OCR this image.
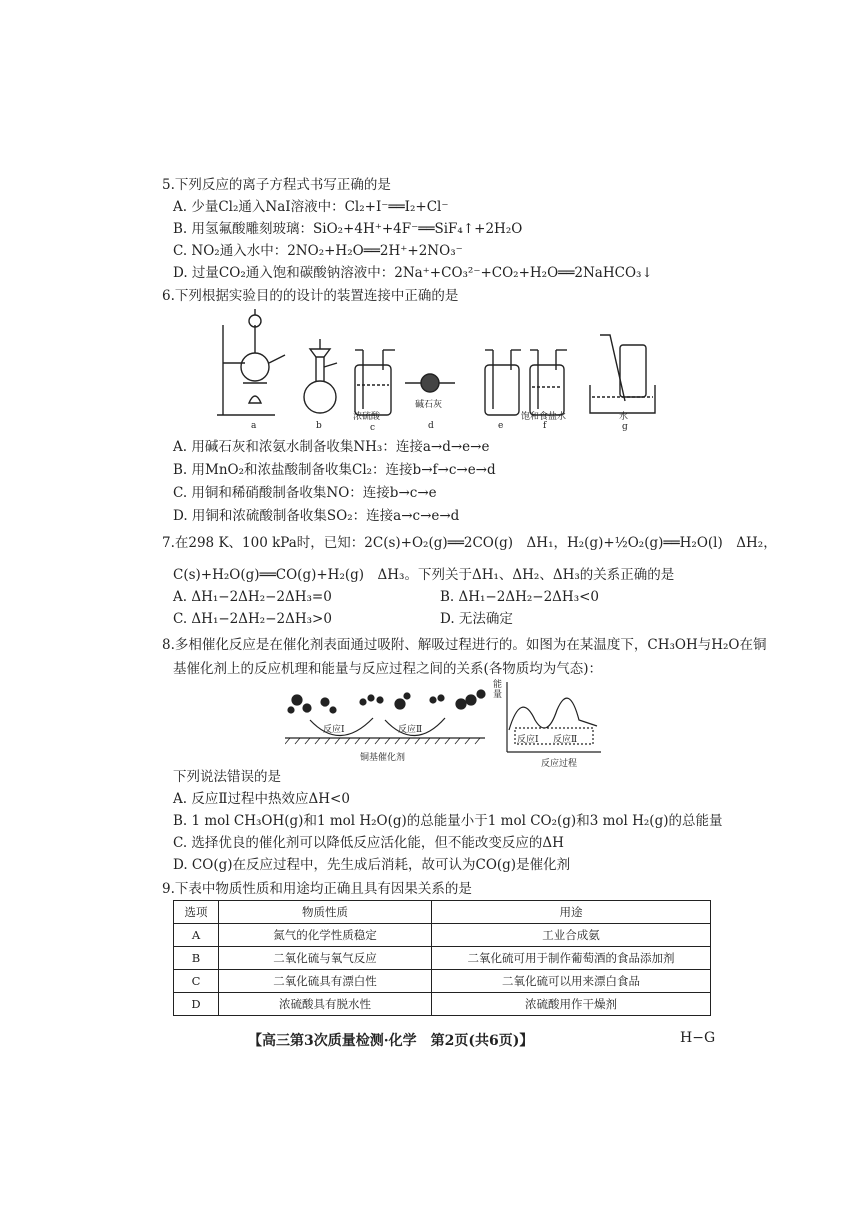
5.下列反应的离子方程式书写正确的是
A. 少量Cl₂通入NaI溶液中：Cl₂+I⁻══I₂+Cl⁻
B. 用氢氟酸雕刻玻璃：SiO₂+4H⁺+4F⁻══SiF₄↑+2H₂O
C. NO₂通入水中：2NO₂+H₂O══2H⁺+2NO₃⁻
D. 过量CO₂通入饱和碳酸钠溶液中：2Na⁺+CO₃²⁻+CO₂+H₂O══2NaHCO₃↓
6.下列根据实验目的的设计的装置连接中正确的是
a	b
浓硫酸
c
碱石灰
d	e
饱和食盐水
f
水
g
A. 用碱石灰和浓氨水制备收集NH₃：连接a→d→e→e
B. 用MnO₂和浓盐酸制备收集Cl₂：连接b→f→c→e→d
C. 用铜和稀硝酸制备收集NO：连接b→c→e
D. 用铜和浓硫酸制备收集SO₂：连接a→c→e→d
7.在298 K、100 kPa时，已知：2C(s)+O₂(g)══2CO(g)　ΔH₁，H₂(g)+½O₂(g)══H₂O(l)　ΔH₂，
C(s)+H₂O(g)══CO(g)+H₂(g)　ΔH₃。下列关于ΔH₁、ΔH₂、ΔH₃的关系正确的是
A. ΔH₁−2ΔH₂−2ΔH₃=0	B. ΔH₁−2ΔH₂−2ΔH₃<0
C. ΔH₁−2ΔH₂−2ΔH₃>0	D. 无法确定
8.多相催化反应是在催化剂表面通过吸附、解吸过程进行的。如图为在某温度下，CH₃OH与H₂O在铜
基催化剂上的反应机理和能量与反应过程之间的关系(各物质均为气态)：
反应Ⅰ	反应Ⅱ
铜基催化剂
能量
反应Ⅰ 反应Ⅱ
反应过程
下列说法错误的是
A. 反应Ⅱ过程中热效应ΔH<0
B. 1 mol CH₃OH(g)和1 mol H₂O(g)的总能量小于1 mol CO₂(g)和3 mol H₂(g)的总能量
C. 选择优良的催化剂可以降低反应活化能，但不能改变反应的ΔH
D. CO(g)在反应过程中，先生成后消耗，故可认为CO(g)是催化剂
9.下表中物质性质和用途均正确且具有因果关系的是
选项	物质性质	用途
A	氮气的化学性质稳定	工业合成氨
B	二氧化硫与氧气反应	二氧化硫可用于制作葡萄酒的食品添加剂
C	二氧化硫具有漂白性	二氧化硫可以用来漂白食品
D	浓硫酸具有脱水性	浓硫酸用作干燥剂
【高三第3次质量检测·化学　第2页(共6页)】	H−G
